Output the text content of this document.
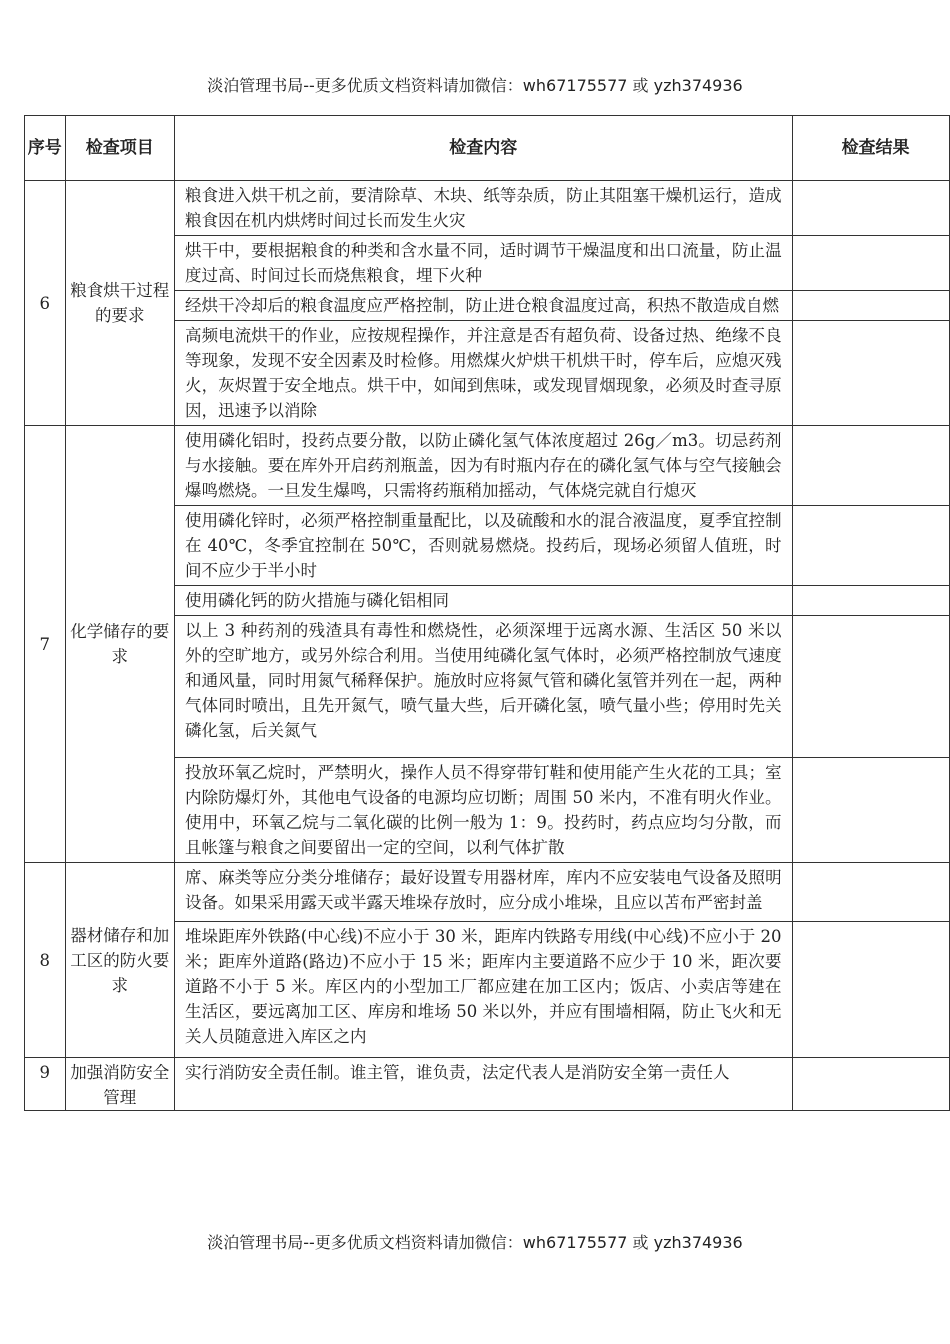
淡泊管理书局--更多优质文档资料请加微信：wh67175577 或 yzh374936
序号	检查项目	检查内容	检查结果
6	粮食烘干过程的要求	粮食进入烘干机之前，要清除草、木块、纸等杂质，防止其阻塞干燥机运行，造成粮食因在机内烘烤时间过长而发生火灾	
		烘干中，要根据粮食的种类和含水量不同，适时调节干燥温度和出口流量，防止温度过高、时间过长而烧焦粮食，埋下火种	
		经烘干冷却后的粮食温度应严格控制，防止进仓粮食温度过高，积热不散造成自燃	
		高频电流烘干的作业，应按规程操作，并注意是否有超负荷、设备过热、绝缘不良等现象，发现不安全因素及时检修。用燃煤火炉烘干机烘干时，停车后，应熄灭残火，灰烬置于安全地点。烘干中，如闻到焦味，或发现冒烟现象，必须及时查寻原因，迅速予以消除	
7	化学储存的要求	使用磷化铝时，投药点要分散，以防止磷化氢气体浓度超过 26g／m3。切忌药剂与水接触。要在库外开启药剂瓶盖，因为有时瓶内存在的磷化氢气体与空气接触会爆鸣燃烧。一旦发生爆鸣，只需将药瓶稍加摇动，气体烧完就自行熄灭	
		使用磷化锌时，必须严格控制重量配比，以及硫酸和水的混合液温度，夏季宜控制在 40℃，冬季宜控制在 50℃，否则就易燃烧。投药后，现场必须留人值班，时间不应少于半小时	
		使用磷化钙的防火措施与磷化铝相同	
		以上 3 种药剂的残渣具有毒性和燃烧性，必须深埋于远离水源、生活区 50 米以外的空旷地方，或另外综合利用。当使用纯磷化氢气体时，必须严格控制放气速度和通风量，同时用氮气稀释保护。施放时应将氮气管和磷化氢管并列在一起，两种气体同时喷出，且先开氮气，喷气量大些，后开磷化氢，喷气量小些；停用时先关磷化氢，后关氮气	
		投放环氧乙烷时，严禁明火，操作人员不得穿带钉鞋和使用能产生火花的工具；室内除防爆灯外，其他电气设备的电源均应切断；周围 50 米内，不准有明火作业。使用中，环氧乙烷与二氧化碳的比例一般为 1：9。投药时，药点应均匀分散，而且帐篷与粮食之间要留出一定的空间，以利气体扩散	
8	器材储存和加工区的防火要求	席、麻类等应分类分堆储存；最好设置专用器材库，库内不应安装电气设备及照明设备。如果采用露天或半露天堆垛存放时，应分成小堆垛，且应以苫布严密封盖	
		堆垛距库外铁路(中心线)不应小于 30 米，距库内铁路专用线(中心线)不应小于 20 米；距库外道路(路边)不应小于 15 米；距库内主要道路不应少于 10 米，距次要道路不小于 5 米。库区内的小型加工厂都应建在加工区内；饭店、小卖店等建在生活区，要远离加工区、库房和堆场 50 米以外，并应有围墙相隔，防止飞火和无关人员随意进入库区之内	
9	加强消防安全管理	实行消防安全责任制。谁主管，谁负责，法定代表人是消防安全第一责任人	
淡泊管理书局--更多优质文档资料请加微信：wh67175577 或 yzh374936
